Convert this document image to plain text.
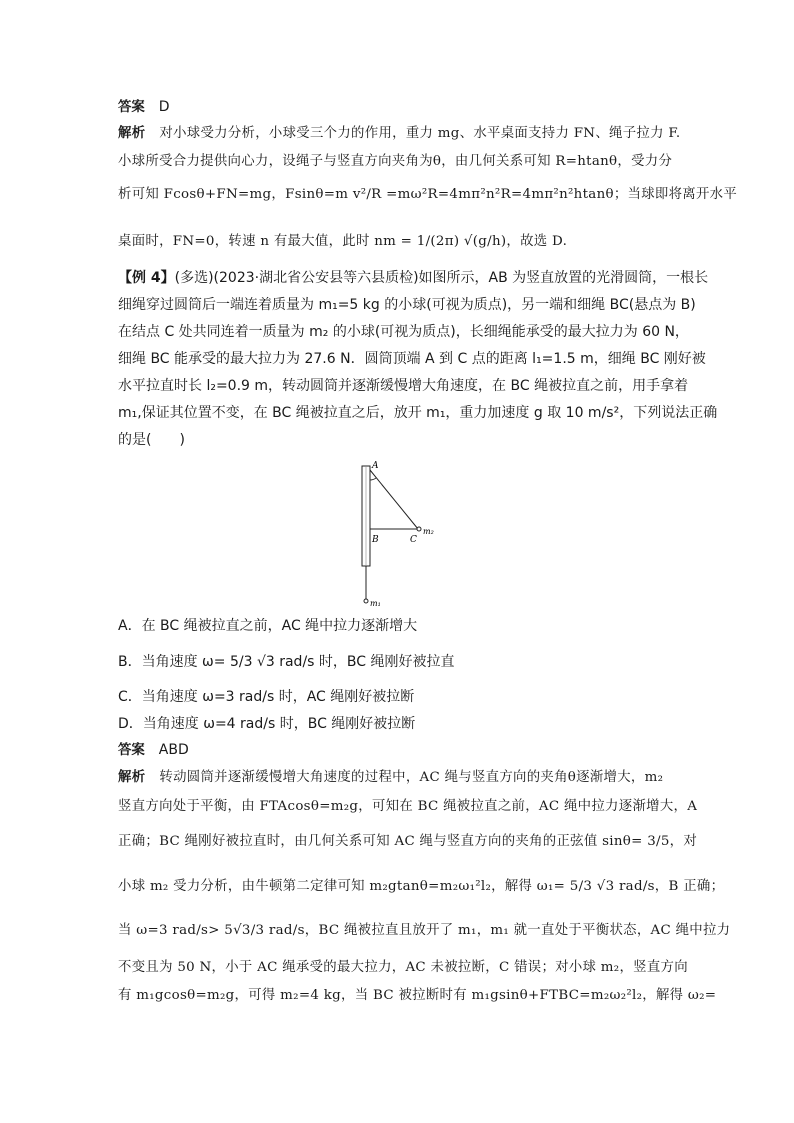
答案 D
解析 对小球受力分析，小球受三个力的作用，重力 mg、水平桌面支持力 FN、绳子拉力 F.
小球所受合力提供向心力，设绳子与竖直方向夹角为θ，由几何关系可知 R=htanθ，受力分
析可知 Fcosθ+FN=mg，Fsinθ=m v²/R =mω²R=4mπ²n²R=4mπ²n²htanθ；当球即将离开水平
桌面时，FN=0，转速 n 有最大值，此时 nm = 1/(2π) √(g/h)，故选 D.
【例 4】(多选)(2023·湖北省公安县等六县质检)如图所示，AB 为竖直放置的光滑圆筒，一根长
细绳穿过圆筒后一端连着质量为 m₁=5 kg 的小球(可视为质点)，另一端和细绳 BC(悬点为 B)
在结点 C 处共同连着一质量为 m₂ 的小球(可视为质点)，长细绳能承受的最大拉力为 60 N，
细绳 BC 能承受的最大拉力为 27.6 N．圆筒顶端 A 到 C 点的距离 l₁=1.5 m，细绳 BC 刚好被
水平拉直时长 l₂=0.9 m，转动圆筒并逐渐缓慢增大角速度，在 BC 绳被拉直之前，用手拿着
m₁,保证其位置不变，在 BC 绳被拉直之后，放开 m₁，重力加速度 g 取 10 m/s²，下列说法正确
的是(　　)
A
B	C
m₂
m₁
A．在 BC 绳被拉直之前，AC 绳中拉力逐渐增大
B．当角速度 ω= 5/3 √3 rad/s 时，BC 绳刚好被拉直
C．当角速度 ω=3 rad/s 时，AC 绳刚好被拉断
D．当角速度 ω=4 rad/s 时，BC 绳刚好被拉断
答案 ABD
解析 转动圆筒并逐渐缓慢增大角速度的过程中，AC 绳与竖直方向的夹角θ逐渐增大，m₂
竖直方向处于平衡，由 FTAcosθ=m₂g，可知在 BC 绳被拉直之前，AC 绳中拉力逐渐增大，A
正确；BC 绳刚好被拉直时，由几何关系可知 AC 绳与竖直方向的夹角的正弦值 sinθ= 3/5，对
小球 m₂ 受力分析，由牛顿第二定律可知 m₂gtanθ=m₂ω₁²l₂，解得 ω₁= 5/3 √3 rad/s，B 正确；
当 ω=3 rad/s> 5√3/3 rad/s，BC 绳被拉直且放开了 m₁，m₁ 就一直处于平衡状态，AC 绳中拉力
不变且为 50 N，小于 AC 绳承受的最大拉力，AC 未被拉断，C 错误；对小球 m₂，竖直方向
有 m₁gcosθ=m₂g，可得 m₂=4 kg，当 BC 被拉断时有 m₁gsinθ+FTBC=m₂ω₂²l₂，解得 ω₂=
